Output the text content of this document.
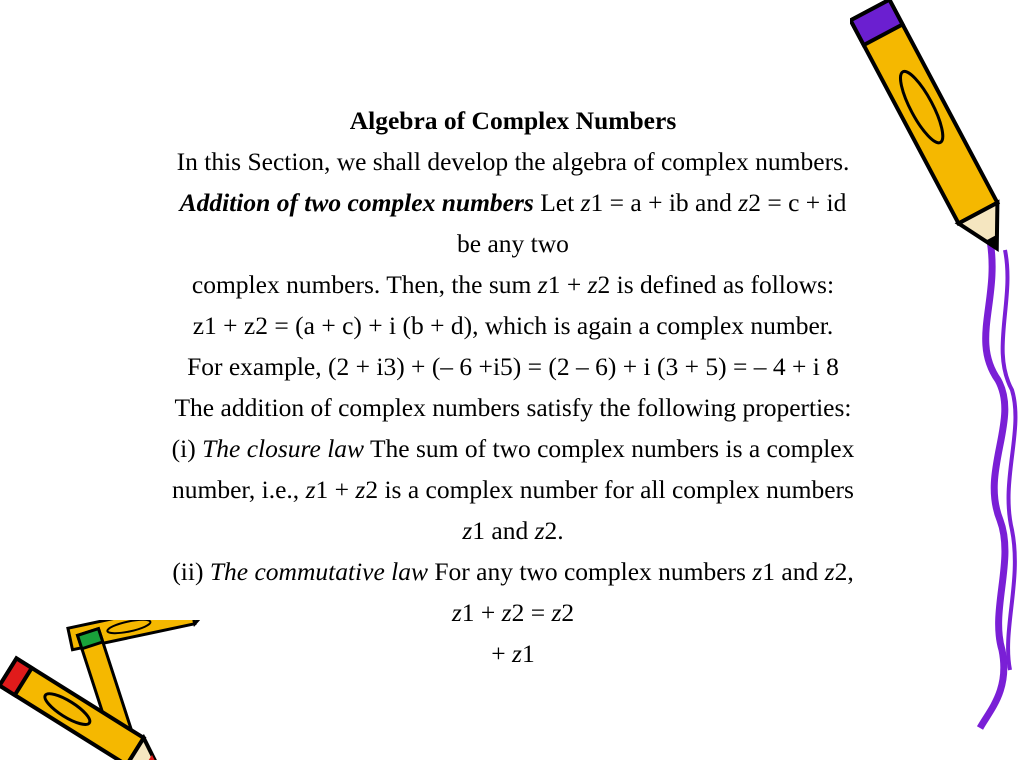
Algebra of Complex Numbers

In this Section, we shall develop the algebra of complex numbers.

Addition of two complex numbers Let z1 = a + ib and z2 = c + id

be any two

complex numbers. Then, the sum z1 + z2 is defined as follows:

z1 + z2 = (a + c) + i (b + d), which is again a complex number.

For example, (2 + i3) + (– 6 +i5) = (2 – 6) + i (3 + 5) = – 4 + i 8

The addition of complex numbers satisfy the following properties:

(i) The closure law The sum of two complex numbers is a complex

number, i.e., z1 + z2 is a complex number for all complex numbers

z1 and z2.

(ii) The commutative law For any two complex numbers z1 and z2,

z1 + z2 = z2

+ z1
